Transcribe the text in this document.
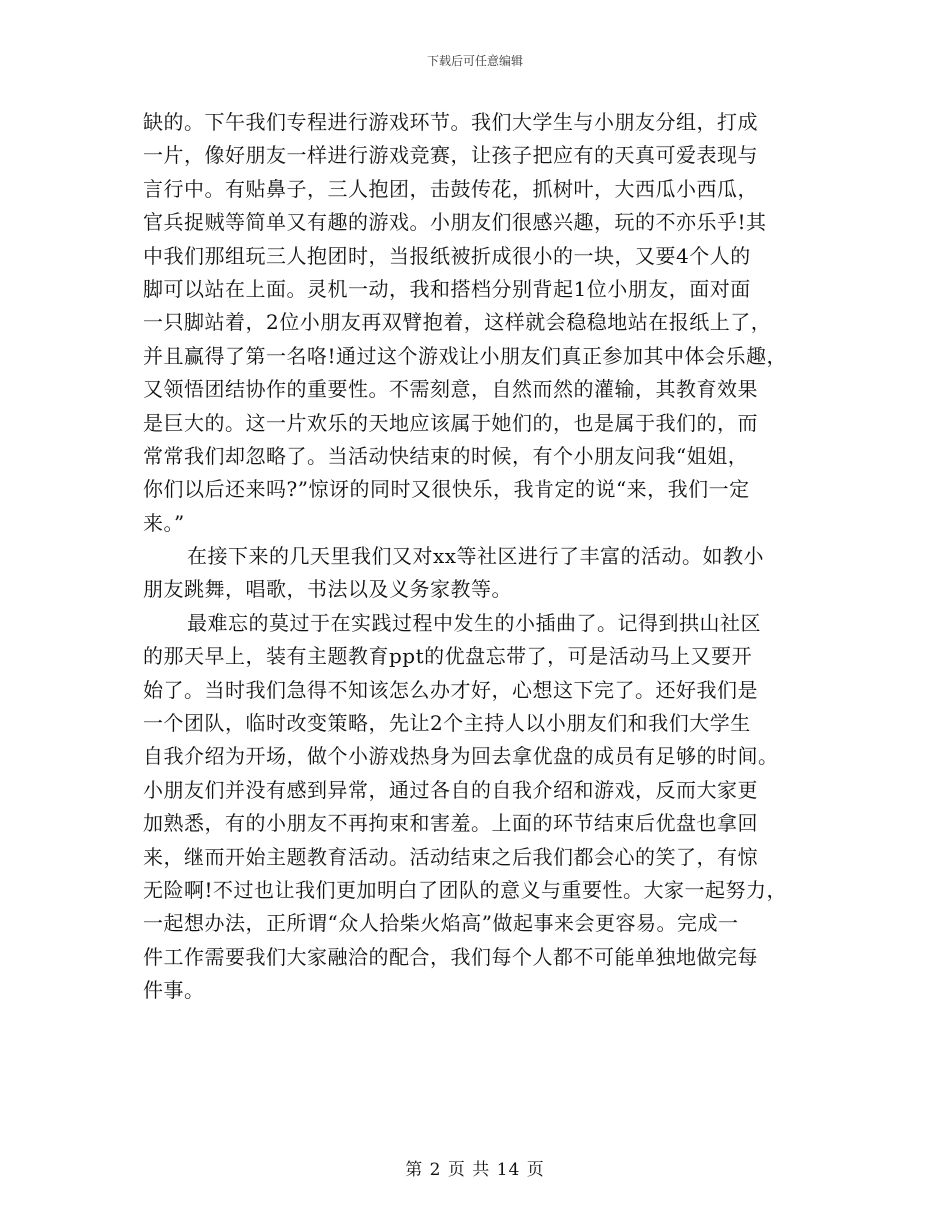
下载后可任意编辑
缺的。下午我们专程进行游戏环节。我们大学生与小朋友分组，打成
一片，像好朋友一样进行游戏竞赛，让孩子把应有的天真可爱表现与
言行中。有贴鼻子，三人抱团，击鼓传花，抓树叶，大西瓜小西瓜，
官兵捉贼等简单又有趣的游戏。小朋友们很感兴趣，玩的不亦乐乎!其
中我们那组玩三人抱团时，当报纸被折成很小的一块，又要4个人的
脚可以站在上面。灵机一动，我和搭档分别背起1位小朋友，面对面
一只脚站着，2位小朋友再双臂抱着，这样就会稳稳地站在报纸上了，
并且赢得了第一名咯!通过这个游戏让小朋友们真正参加其中体会乐趣，
又领悟团结协作的重要性。不需刻意，自然而然的灌输，其教育效果
是巨大的。这一片欢乐的天地应该属于她们的，也是属于我们的，而
常常我们却忽略了。当活动快结束的时候，有个小朋友问我“姐姐，
你们以后还来吗?”惊讶的同时又很快乐，我肯定的说“来，我们一定
来。”
在接下来的几天里我们又对xx等社区进行了丰富的活动。如教小
朋友跳舞，唱歌，书法以及义务家教等。
最难忘的莫过于在实践过程中发生的小插曲了。记得到拱山社区
的那天早上，装有主题教育ppt的优盘忘带了，可是活动马上又要开
始了。当时我们急得不知该怎么办才好，心想这下完了。还好我们是
一个团队，临时改变策略，先让2个主持人以小朋友们和我们大学生
自我介绍为开场，做个小游戏热身为回去拿优盘的成员有足够的时间。
小朋友们并没有感到异常，通过各自的自我介绍和游戏，反而大家更
加熟悉，有的小朋友不再拘束和害羞。上面的环节结束后优盘也拿回
来，继而开始主题教育活动。活动结束之后我们都会心的笑了，有惊
无险啊!不过也让我们更加明白了团队的意义与重要性。大家一起努力，
一起想办法，正所谓“众人拾柴火焰高”做起事来会更容易。完成一
件工作需要我们大家融洽的配合，我们每个人都不可能单独地做完每
件事。
第 2 页 共 14 页
